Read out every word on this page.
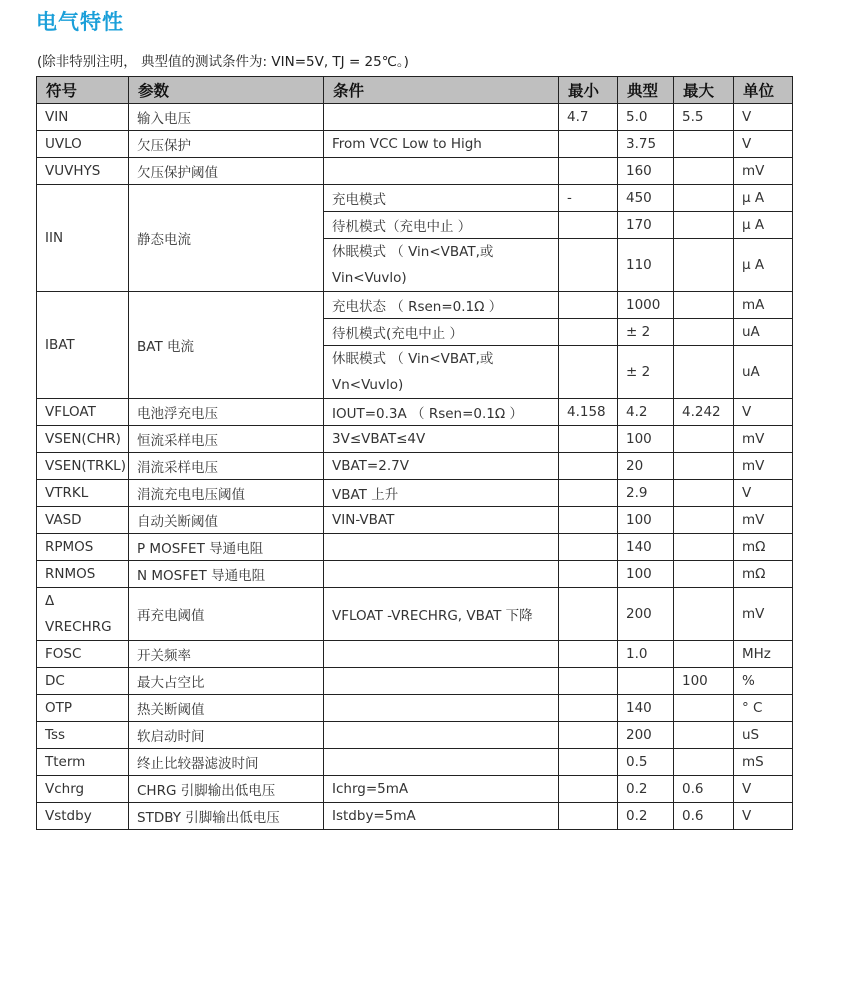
电气特性
(除非特别注明， 典型值的测试条件为: VIN=5V, TJ = 25℃。)
符号	参数	条件	最小	典型	最大	单位
VIN	输入电压		4.7	5.0	5.5	V
UVLO	欠压保护	From VCC Low to High		3.75		V
VUVHYS	欠压保护阈值			160		mV
IIN	静态电流	充电模式	-	450		μ A
		待机模式（充电中止 ）		170		μ A
		休眠模式 （ Vin<VBAT,或 Vin<Vuvlo)		110		μ A
IBAT	BAT 电流	充电状态 （ Rsen=0.1Ω ）		1000		mA
		待机模式(充电中止 ）		± 2		uA
		休眠模式 （ Vin<VBAT,或 Vn<Vuvlo)		± 2		uA
VFLOAT	电池浮充电压	IOUT=0.3A （ Rsen=0.1Ω ）	4.158	4.2	4.242	V
VSEN(CHR)	恒流采样电压	3V≤VBAT≤4V		100		mV
VSEN(TRKL)	涓流采样电压	VBAT=2.7V		20		mV
VTRKL	涓流充电电压阈值	VBAT 上升		2.9		V
VASD	自动关断阈值	VIN-VBAT		100		mV
RPMOS	P MOSFET 导通电阻			140		mΩ
RNMOS	N MOSFET 导通电阻			100		mΩ
Δ VRECHRG	再充电阈值	VFLOAT -VRECHRG, VBAT 下降		200		mV
FOSC	开关频率			1.0		MHz
DC	最大占空比				100	%
OTP	热关断阈值			140		° C
Tss	软启动时间			200		uS
Tterm	终止比较器滤波时间			0.5		mS
Vchrg	CHRG 引脚输出低电压	Ichrg=5mA		0.2	0.6	V
Vstdby	STDBY 引脚输出低电压	Istdby=5mA		0.2	0.6	V
